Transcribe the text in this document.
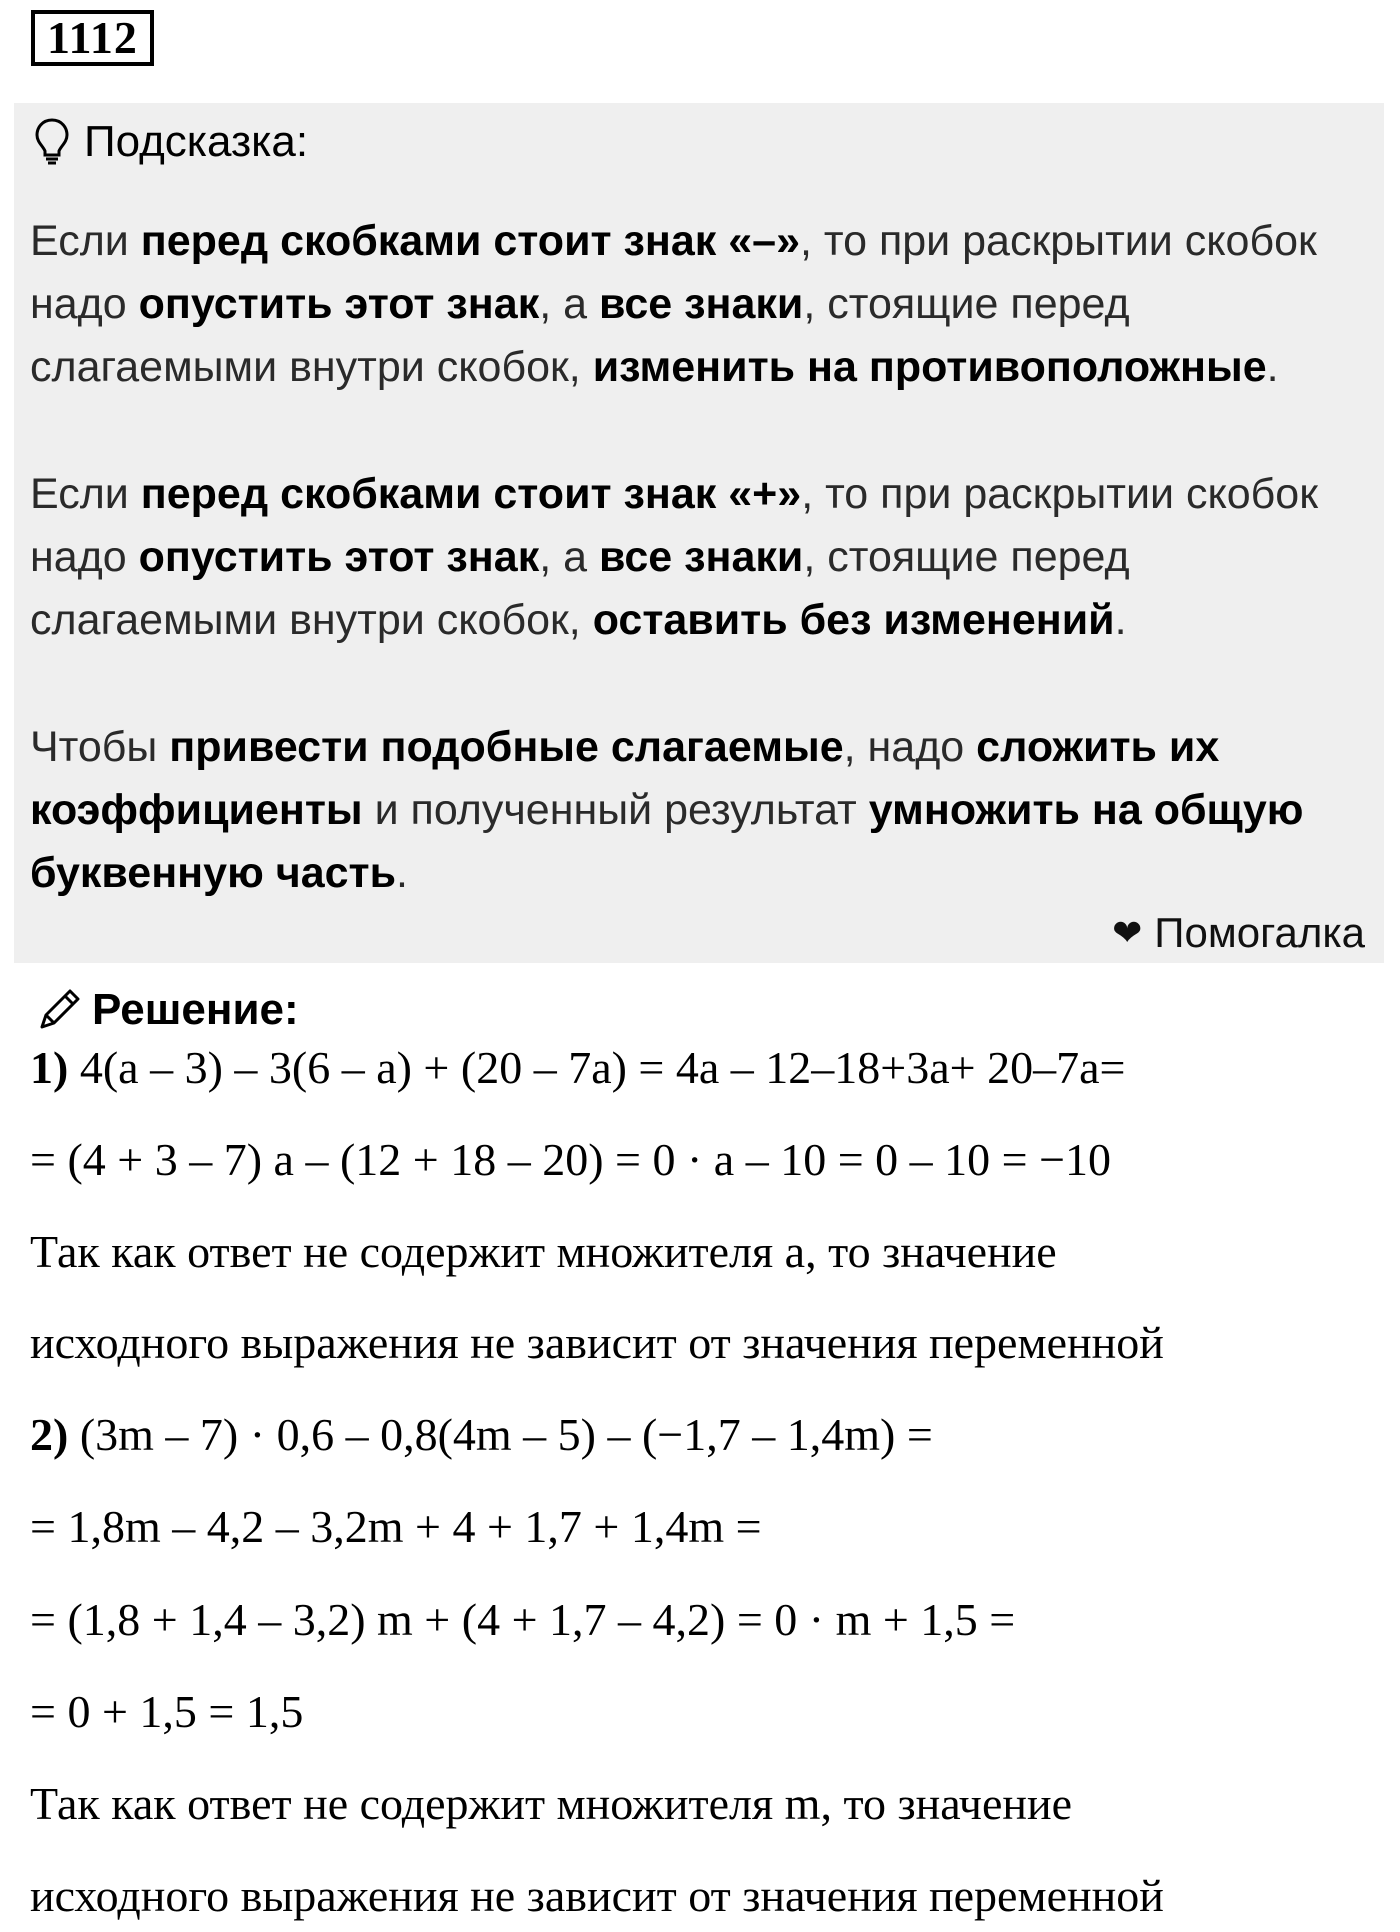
1112
Подсказка:
Если перед скобками стоит знак «–», то при раскрытии скобок надо опустить этот знак, а все знаки, стоящие перед слагаемыми внутри скобок, изменить на противоположные.
Если перед скобками стоит знак «+», то при раскрытии скобок надо опустить этот знак, а все знаки, стоящие перед слагаемыми внутри скобок, оставить без изменений.
Чтобы привести подобные слагаемые, надо сложить их коэффициенты и полученный результат умножить на общую буквенную часть.
❤ Помогалка
Решение:
1) 4(a – 3) – 3(6 – a) + (20 – 7a) = 4a – 12–18+3a+ 20–7a=
= (4 + 3 – 7) a – (12 + 18 – 20) = 0 · a – 10 = 0 – 10 = −10
Так как ответ не содержит множителя a, то значение
исходного выражения не зависит от значения переменной
2) (3m – 7) · 0,6 – 0,8(4m – 5) – (−1,7 – 1,4m) =
= 1,8m – 4,2 – 3,2m + 4 + 1,7 + 1,4m =
= (1,8 + 1,4 – 3,2) m + (4 + 1,7 – 4,2) = 0 · m + 1,5 =
= 0 + 1,5 = 1,5
Так как ответ не содержит множителя m, то значение
исходного выражения не зависит от значения переменной
